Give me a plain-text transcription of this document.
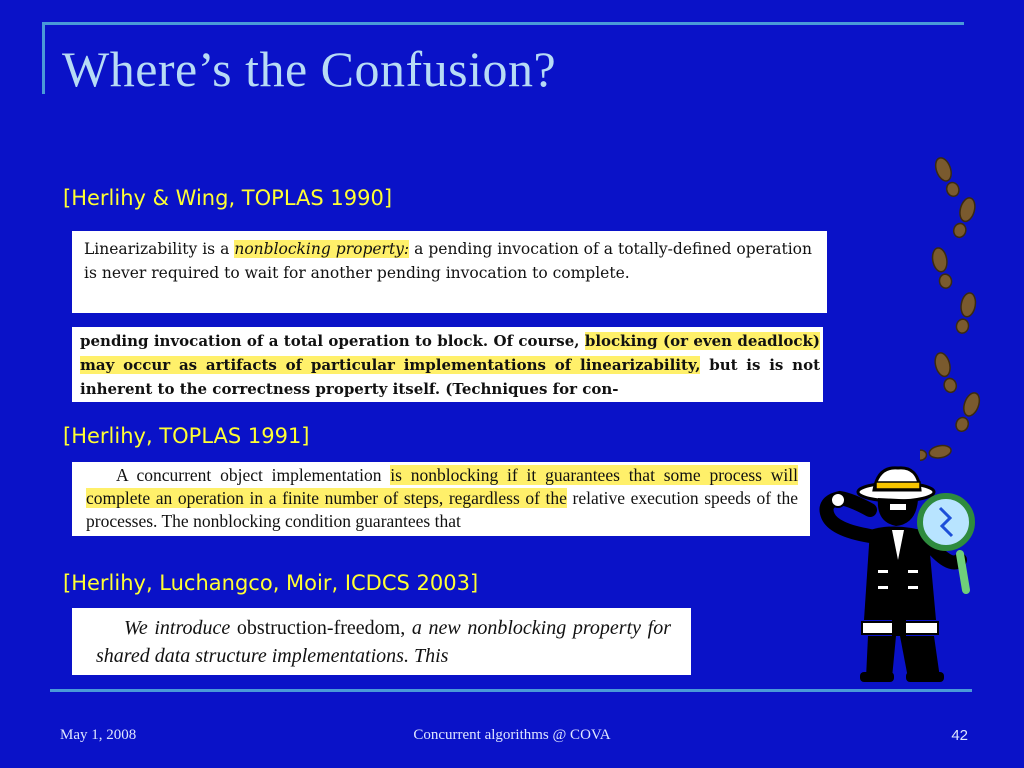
Where’s the Confusion?
[Herlihy & Wing, TOPLAS 1990]

Linearizability is a nonblocking property: a pending invocation of a totally-defined operation is never required to wait for another pending invocation to complete.

pending invocation of a total operation to block. Of course, blocking (or even deadlock) may occur as artifacts of particular implementations of linearizability, but is is not inherent to the correctness property itself. (Techniques for con-

[Herlihy, TOPLAS 1991]

A concurrent object implementation is nonblocking if it guarantees that some process will complete an operation in a finite number of steps, regardless of the relative execution speeds of the processes. The nonblocking condition guarantees that

[Herlihy, Luchangco, Moir, ICDCS 2003]

We introduce obstruction-freedom, a new nonblocking property for shared data structure implementations. This

May 1, 2008	Concurrent algorithms @ COVA	42
